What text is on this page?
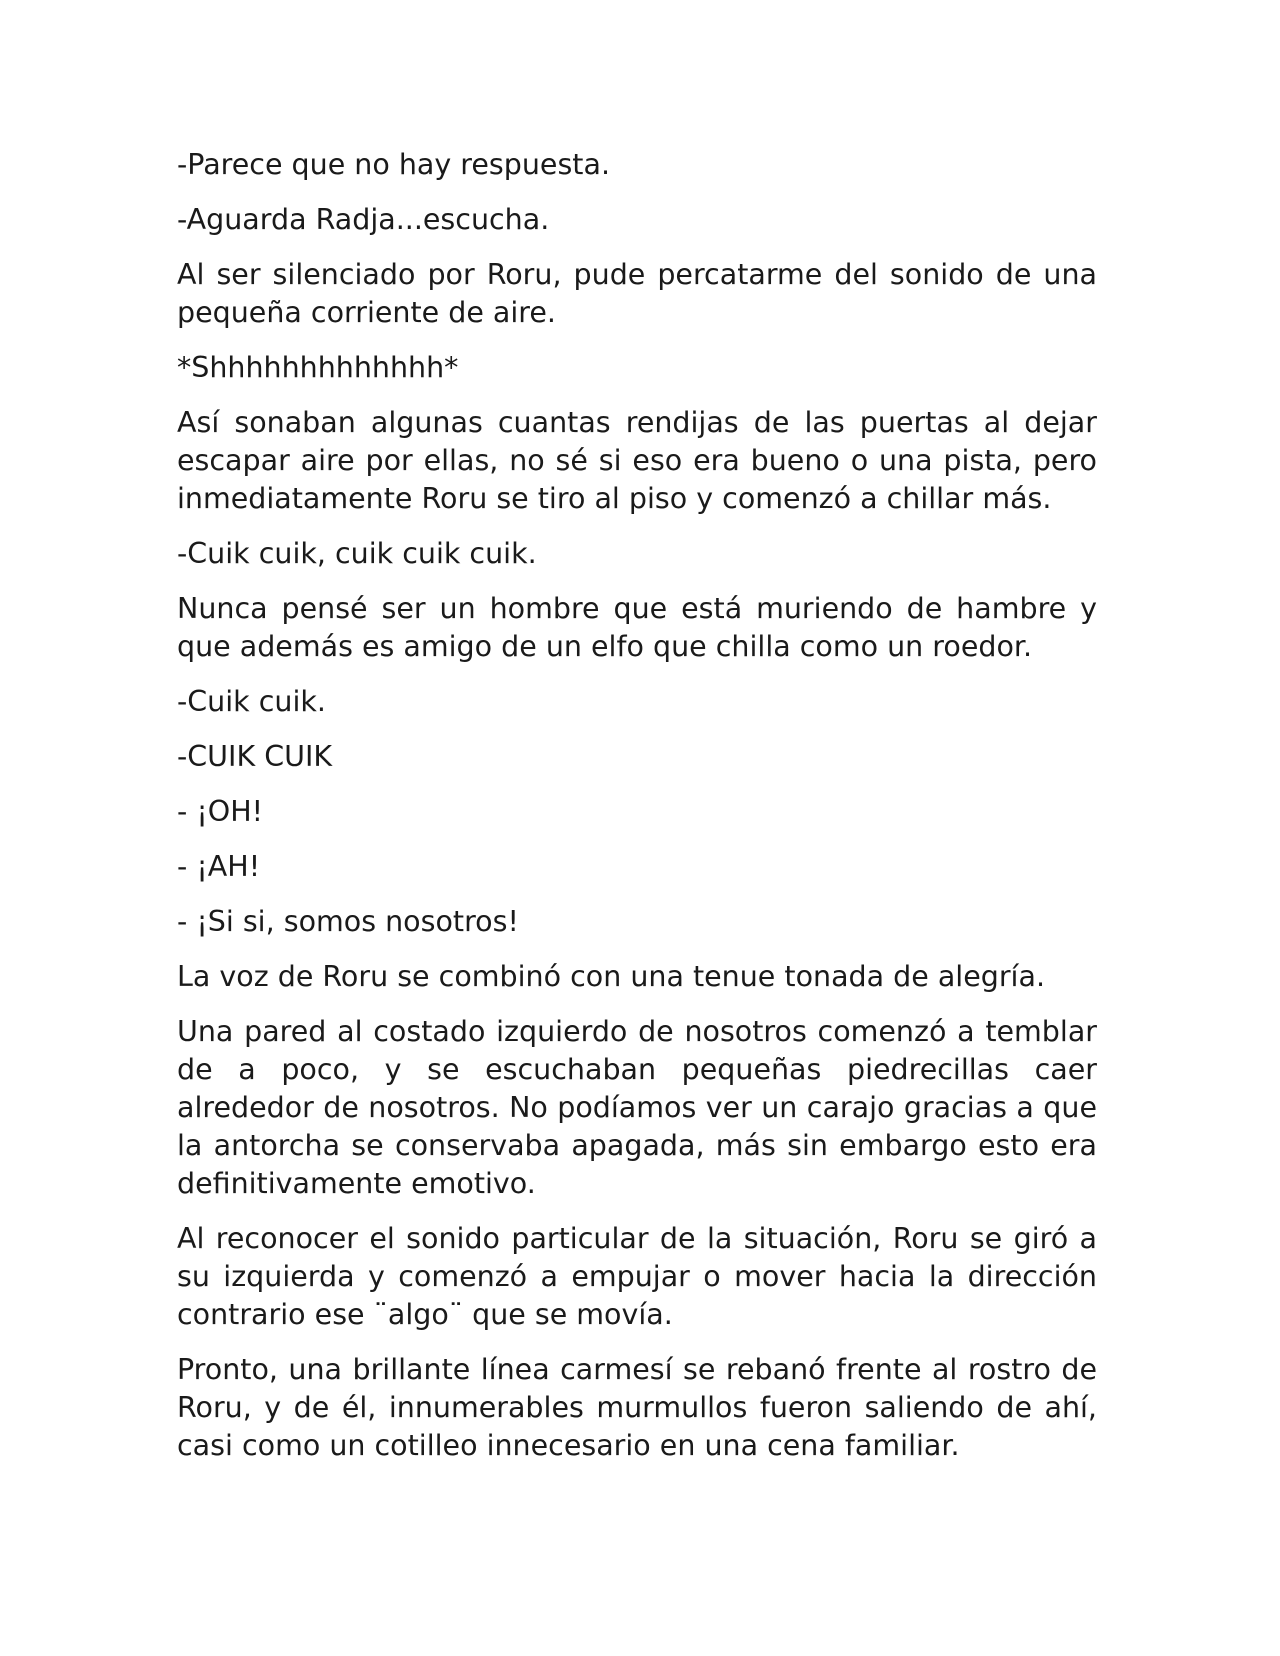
-Parece que no hay respuesta.

-Aguarda Radja...escucha.

Al ser silenciado por Roru, pude percatarme del sonido de una pequeña corriente de aire.

*Shhhhhhhhhhhhh*

Así sonaban algunas cuantas rendijas de las puertas al dejar escapar aire por ellas, no sé si eso era bueno o una pista, pero inmediatamente Roru se tiro al piso y comenzó a chillar más.

-Cuik cuik, cuik cuik cuik.

Nunca pensé ser un hombre que está muriendo de hambre y que además es amigo de un elfo que chilla como un roedor.

-Cuik cuik.

-CUIK CUIK

- ¡OH!

- ¡AH!

- ¡Si si, somos nosotros!

La voz de Roru se combinó con una tenue tonada de alegría.

Una pared al costado izquierdo de nosotros comenzó a temblar de a poco, y se escuchaban pequeñas piedrecillas caer alrededor de nosotros. No podíamos ver un carajo gracias a que la antorcha se conservaba apagada, más sin embargo esto era definitivamente emotivo.

Al reconocer el sonido particular de la situación, Roru se giró a su izquierda y comenzó a empujar o mover hacia la dirección contrario ese ¨algo¨ que se movía.

Pronto, una brillante línea carmesí se rebanó frente al rostro de Roru, y de él, innumerables murmullos fueron saliendo de ahí, casi como un cotilleo innecesario en una cena familiar.
